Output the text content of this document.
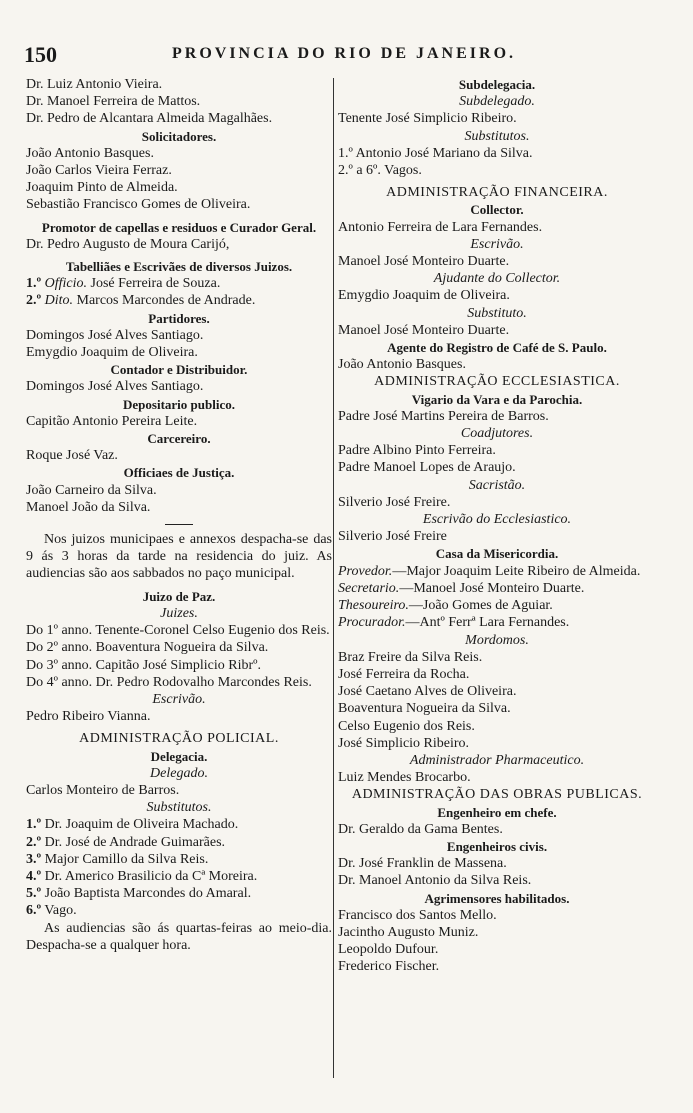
150	PROVINCIA DO RIO DE JANEIRO.
Dr. Luiz Antonio Vieira.
Dr. Manoel Ferreira de Mattos.
Dr. Pedro de Alcantara Almeida Magalhães.
Solicitadores.
João Antonio Basques.
João Carlos Vieira Ferraz.
Joaquim Pinto de Almeida.
Sebastião Francisco Gomes de Oliveira.
Promotor de capellas e residuos e Curador Geral.
Dr. Pedro Augusto de Moura Carijó,
Tabelliães e Escrivães de diversos Juizos.
1.º Officio. José Ferreira de Souza.
2.º Dito. Marcos Marcondes de Andrade.
Partidores.
Domingos José Alves Santiago.
Emygdio Joaquim de Oliveira.
Contador e Distribuidor.
Domingos José Alves Santiago.
Depositario publico.
Capitão Antonio Pereira Leite.
Carcereiro.
Roque José Vaz.
Officiaes de Justiça.
João Carneiro da Silva.
Manoel João da Silva.
Nos juizos municipaes e annexos despacha-se das 9 ás 3 horas da tarde na residencia do juiz. As audiencias são aos sabbados no paço municipal.
Juizo de Paz.
Juizes.
Do 1º anno. Tenente-Coronel Celso Eugenio dos Reis.
Do 2º anno. Boaventura Nogueira da Silva.
Do 3º anno. Capitão José Simplicio Ribrº.
Do 4º anno. Dr. Pedro Rodovalho Marcondes Reis.
Escrivão.
Pedro Ribeiro Vianna.
ADMINISTRAÇÃO POLICIAL.
Delegacia.
Delegado.
Carlos Monteiro de Barros.
Substitutos.
1.º Dr. Joaquim de Oliveira Machado.
2.º Dr. José de Andrade Guimarães.
3.º Major Camillo da Silva Reis.
4.º Dr. Americo Brasilicio da Cª Moreira.
5.º João Baptista Marcondes do Amaral.
6.º Vago.
As audiencias são ás quartas-feiras ao meio-dia. Despacha-se a qualquer hora.
Subdelegacia.
Subdelegado.
Tenente José Simplicio Ribeiro.
Substitutos.
1.º Antonio José Mariano da Silva.
2.º a 6º. Vagos.
ADMINISTRAÇÃO FINANCEIRA.
Collector.
Antonio Ferreira de Lara Fernandes.
Escrivão.
Manoel José Monteiro Duarte.
Ajudante do Collector.
Emygdio Joaquim de Oliveira.
Substituto.
Manoel José Monteiro Duarte.
Agente do Registro de Café de S. Paulo.
João Antonio Basques.
ADMINISTRAÇÃO ECCLESIASTICA.
Vigario da Vara e da Parochia.
Padre José Martins Pereira de Barros.
Coadjutores.
Padre Albino Pinto Ferreira.
Padre Manoel Lopes de Araujo.
Sacristão.
Silverio José Freire.
Escrivão do Ecclesiastico.
Silverio José Freire
Casa da Misericordia.
Provedor.—Major Joaquim Leite Ribeiro de Almeida.
Secretario.—Manoel José Monteiro Duarte.
Thesoureiro.—João Gomes de Aguiar.
Procurador.—Antº Ferrª Lara Fernandes.
Mordomos.
Braz Freire da Silva Reis.
José Ferreira da Rocha.
José Caetano Alves de Oliveira.
Boaventura Nogueira da Silva.
Celso Eugenio dos Reis.
José Simplicio Ribeiro.
Administrador Pharmaceutico.
Luiz Mendes Brocarbo.
ADMINISTRAÇÃO DAS OBRAS PUBLICAS.
Engenheiro em chefe.
Dr. Geraldo da Gama Bentes.
Engenheiros civis.
Dr. José Franklin de Massena.
Dr. Manoel Antonio da Silva Reis.
Agrimensores habilitados.
Francisco dos Santos Mello.
Jacintho Augusto Muniz.
Leopoldo Dufour.
Frederico Fischer.
